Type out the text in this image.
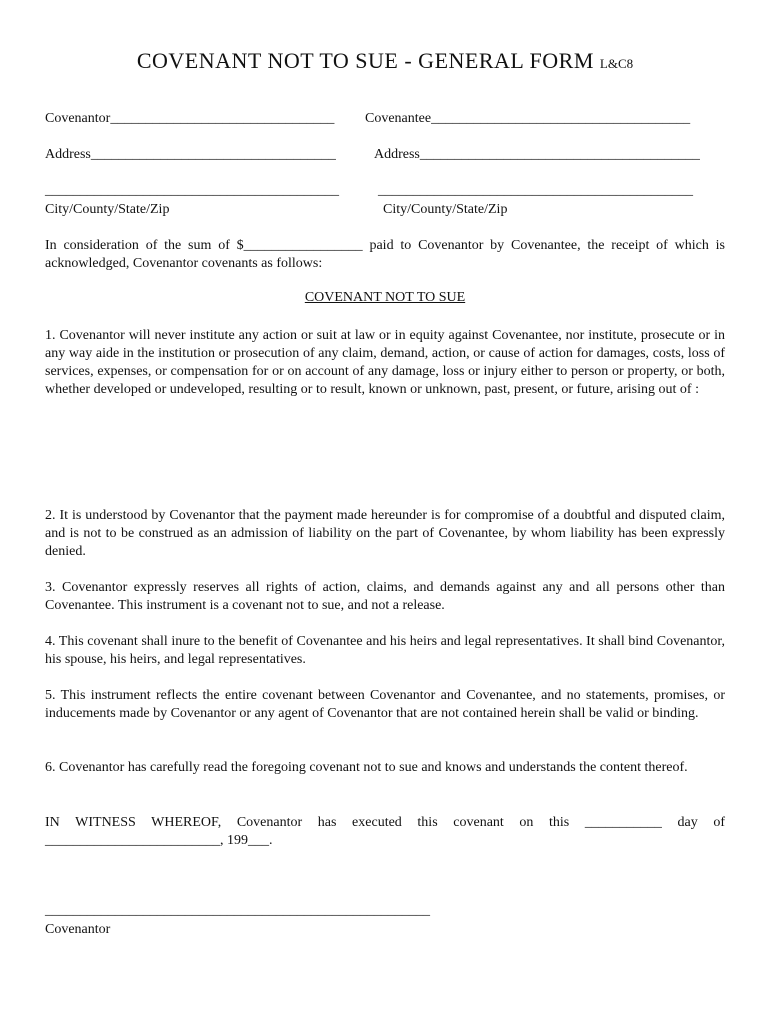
COVENANT NOT TO SUE - GENERAL FORM L&C8
Covenantor________________________________ Covenantee_____________________________________
Address___________________________________	Address________________________________________
__________________________________________	_____________________________________________
City/County/State/Zip	City/County/State/Zip
In consideration of the sum of $_________________ paid to Covenantor by Covenantee, the receipt of which is acknowledged, Covenantor covenants as follows:
COVENANT NOT TO SUE
1. Covenantor will never institute any action or suit at law or in equity against Covenantee, nor institute, prosecute or in any way aide in the institution or prosecution of any claim, demand, action, or cause of action for damages, costs, loss of services, expenses, or compensation for or on account of any damage, loss or injury either to person or property, or both, whether developed or undeveloped, resulting or to result, known or unknown, past, present, or future, arising out of :
2. It is understood by Covenantor that the payment made hereunder is for compromise of a doubtful and disputed claim, and is not to be construed as an admission of liability on the part of Covenantee, by whom liability has been expressly denied.
3. Covenantor expressly reserves all rights of action, claims, and demands against any and all persons other than Covenantee. This instrument is a covenant not to sue, and not a release.
4. This covenant shall inure to the benefit of Covenantee and his heirs and legal representatives. It shall bind Covenantor, his spouse, his heirs, and legal representatives.
5. This instrument reflects the entire covenant between Covenantor and Covenantee, and no statements, promises, or inducements made by Covenantor or any agent of Covenantor that are not contained herein shall be valid or binding.
6. Covenantor has carefully read the foregoing covenant not to sue and knows and understands the content thereof.
IN WITNESS WHEREOF, Covenantor has executed this covenant on this ___________ day of _________________________, 199___.
_______________________________________________________
Covenantor
